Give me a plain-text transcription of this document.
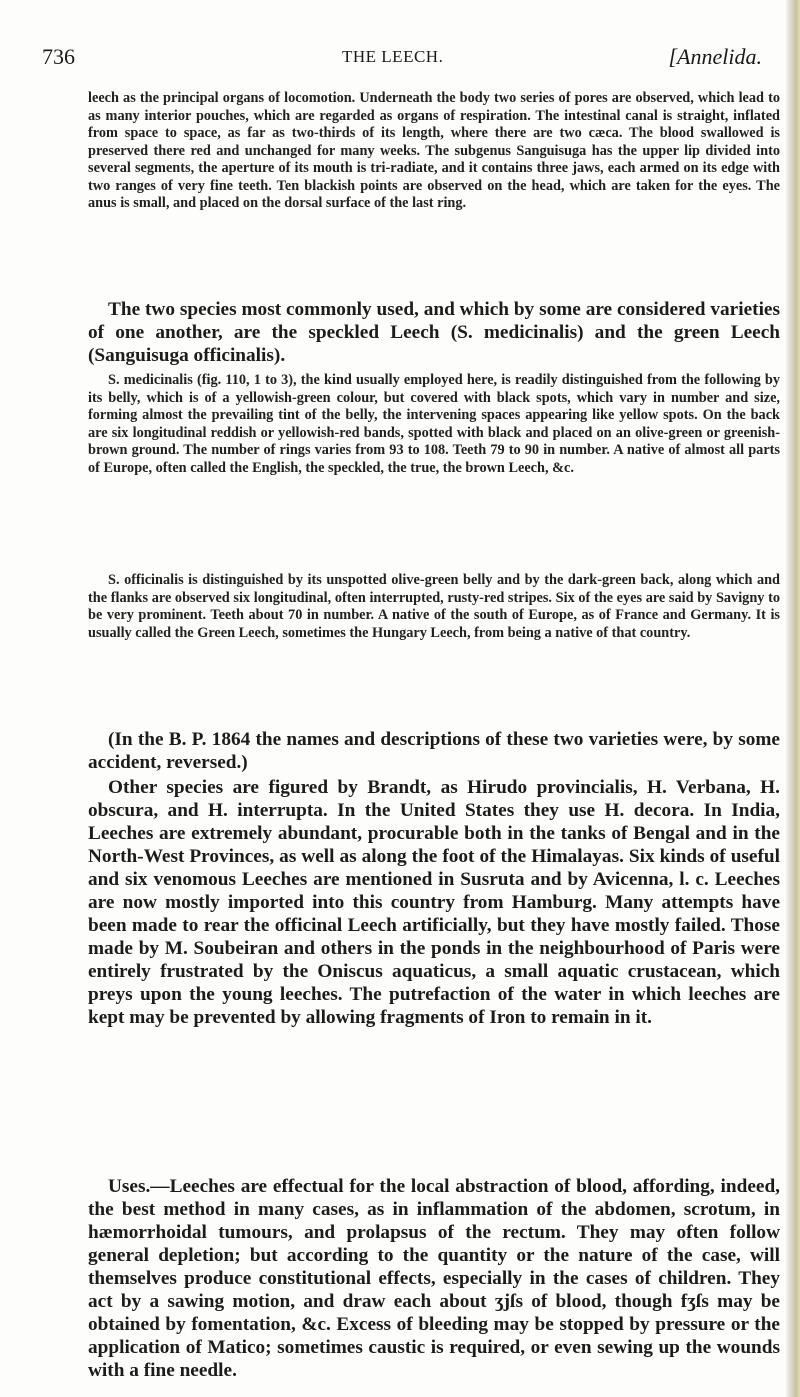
736	THE LEECH.	[Annelida.

leech as the principal organs of locomotion. Underneath the body two series of pores are observed, which lead to as many interior pouches, which are regarded as organs of respiration. The intestinal canal is straight, inflated from space to space, as far as two-thirds of its length, where there are two cæca. The blood swallowed is preserved there red and unchanged for many weeks. The subgenus Sanguisuga has the upper lip divided into several segments, the aperture of its mouth is tri-radiate, and it contains three jaws, each armed on its edge with two ranges of very fine teeth. Ten blackish points are observed on the head, which are taken for the eyes. The anus is small, and placed on the dorsal surface of the last ring.

The two species most commonly used, and which by some are considered varieties of one another, are the speckled Leech (S. medicinalis) and the green Leech (Sanguisuga officinalis).

S. medicinalis (fig. 110, 1 to 3), the kind usually employed here, is readily distinguished from the following by its belly, which is of a yellowish-green colour, but covered with black spots, which vary in number and size, forming almost the prevailing tint of the belly, the intervening spaces appearing like yellow spots. On the back are six longitudinal reddish or yellowish-red bands, spotted with black and placed on an olive-green or greenish-brown ground. The number of rings varies from 93 to 108. Teeth 79 to 90 in number. A native of almost all parts of Europe, often called the English, the speckled, the true, the brown Leech, &c.

S. officinalis is distinguished by its unspotted olive-green belly and by the dark-green back, along which and the flanks are observed six longitudinal, often interrupted, rusty-red stripes. Six of the eyes are said by Savigny to be very prominent. Teeth about 70 in number. A native of the south of Europe, as of France and Germany. It is usually called the Green Leech, sometimes the Hungary Leech, from being a native of that country.

(In the B. P. 1864 the names and descriptions of these two varieties were, by some accident, reversed.)

Other species are figured by Brandt, as Hirudo provincialis, H. Verbana, H. obscura, and H. interrupta. In the United States they use H. decora. In India, Leeches are extremely abundant, procurable both in the tanks of Bengal and in the North-West Provinces, as well as along the foot of the Himalayas. Six kinds of useful and six venomous Leeches are mentioned in Susruta and by Avicenna, l. c. Leeches are now mostly imported into this country from Hamburg. Many attempts have been made to rear the officinal Leech artificially, but they have mostly failed. Those made by M. Soubeiran and others in the ponds in the neighbourhood of Paris were entirely frustrated by the Oniscus aquaticus, a small aquatic crustacean, which preys upon the young leeches. The putrefaction of the water in which leeches are kept may be prevented by allowing fragments of Iron to remain in it.

Uses.—Leeches are effectual for the local abstraction of blood, affording, indeed, the best method in many cases, as in inflammation of the abdomen, scrotum, in hæmorrhoidal tumours, and prolapsus of the rectum. They may often follow general depletion; but according to the quantity or the nature of the case, will themselves produce constitutional effects, especially in the cases of children. They act by a sawing motion, and draw each about ʒjſs of blood, though fʒſs may be obtained by fomentation, &c. Excess of bleeding may be stopped by pressure or the application of Matico; sometimes caustic is required, or even sewing up the wounds with a fine needle.
